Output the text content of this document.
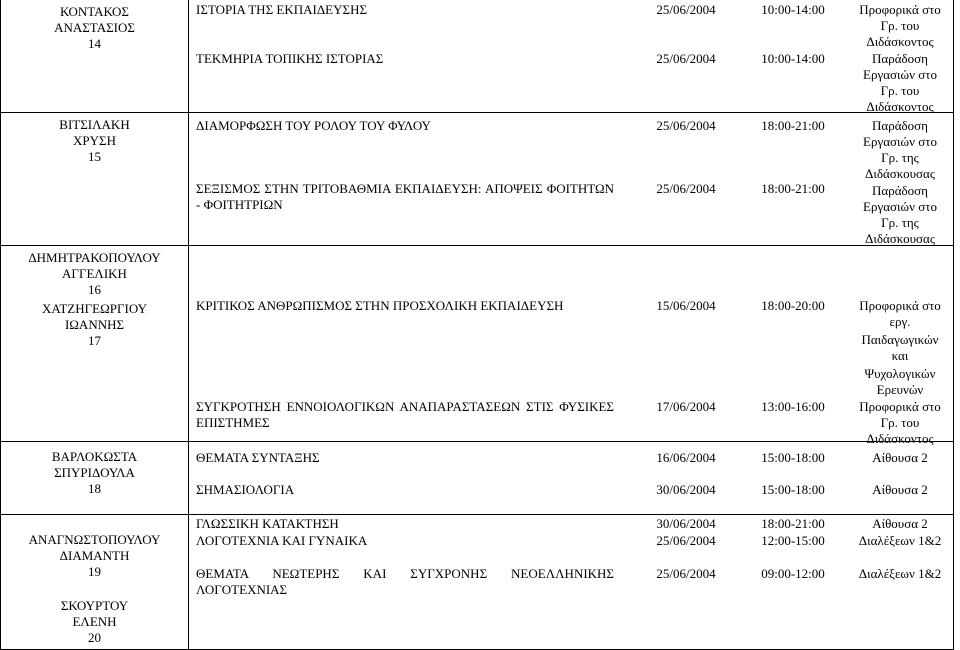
ΚΟΝΤΑΚΟΣ
ΑΝΑΣΤΑΣΙΟΣ
14
ΒΙΤΣΙΛΑΚΗ
ΧΡΥΣΗ
15
ΔΗΜΗΤΡΑΚΟΠΟΥΛΟΥ
ΑΓΓΕΛΙΚΗ
16
ΧΑΤΖΗΓΕΩΡΓΙΟΥ
ΙΩΑΝΝΗΣ
17
ΒΑΡΛΟΚΩΣΤΑ
ΣΠΥΡΙΔΟΥΛΑ
18
ΑΝΑΓΝΩΣΤΟΠΟΥΛΟΥ
ΔΙΑΜΑΝΤΗ
19
ΣΚΟΥΡΤΟΥ
ΕΛΕΝΗ
20
ΙΣΤΟΡΙΑ ΤΗΣ ΕΚΠΑΙΔΕΥΣΗΣ
ΤΕΚΜΗΡΙΑ ΤΟΠΙΚΗΣ ΙΣΤΟΡΙΑΣ
ΔΙΑΜΟΡΦΩΣΗ ΤΟΥ ΡΟΛΟΥ ΤΟΥ ΦΥΛΟΥ
ΣΕΞΙΣΜΟΣ ΣΤΗΝ ΤΡΙΤΟΒΑΘΜΙΑ ΕΚΠΑΙΔΕΥΣΗ: ΑΠΟΨΕΙΣ ΦΟΙΤΗΤΩΝ - ΦΟΙΤΗΤΡΙΩΝ
ΚΡΙΤΙΚΟΣ ΑΝΘΡΩΠΙΣΜΟΣ ΣΤΗΝ ΠΡΟΣΧΟΛΙΚΗ ΕΚΠΑΙΔΕΥΣΗ
ΣΥΓΚΡΟΤΗΣΗ ΕΝΝΟΙΟΛΟΓΙΚΩΝ ΑΝΑΠΑΡΑΣΤΑΣΕΩΝ ΣΤΙΣ ΦΥΣΙΚΕΣ ΕΠΙΣΤΗΜΕΣ
ΘΕΜΑΤΑ ΣΥΝΤΑΞΗΣ
ΣΗΜΑΣΙΟΛΟΓΙΑ
ΓΛΩΣΣΙΚΗ ΚΑΤΑΚΤΗΣΗ
ΛΟΓΟΤΕΧΝΙΑ ΚΑΙ ΓΥΝΑΙΚΑ
ΘΕΜΑΤΑ ΝΕΩΤΕΡΗΣ ΚΑΙ ΣΥΓΧΡΟΝΗΣ ΝΕΟΕΛΛΗΝΙΚΗΣ ΛΟΓΟΤΕΧΝΙΑΣ
25/06/2004
25/06/2004
25/06/2004
25/06/2004
15/06/2004
17/06/2004
16/06/2004
30/06/2004
30/06/2004
25/06/2004
25/06/2004
10:00-14:00
10:00-14:00
18:00-21:00
18:00-21:00
18:00-20:00
13:00-16:00
15:00-18:00
15:00-18:00
18:00-21:00
12:00-15:00
09:00-12:00
Προφορικά στο
Γρ. του
Διδάσκοντος
Παράδοση
Εργασιών στο
Γρ. του
Διδάσκοντος
Παράδοση
Εργασιών στο
Γρ. της
Διδάσκουσας
Παράδοση
Εργασιών στο
Γρ. της
Διδάσκουσας
Προφορικά στο
εργ.
Παιδαγωγικών
και
Ψυχολογικών
Ερευνών
Προφορικά στο
Γρ. του
Διδάσκοντος
Αίθουσα 2
Αίθουσα 2
Αίθουσα 2
Διαλέξεων 1&2
Διαλέξεων 1&2
